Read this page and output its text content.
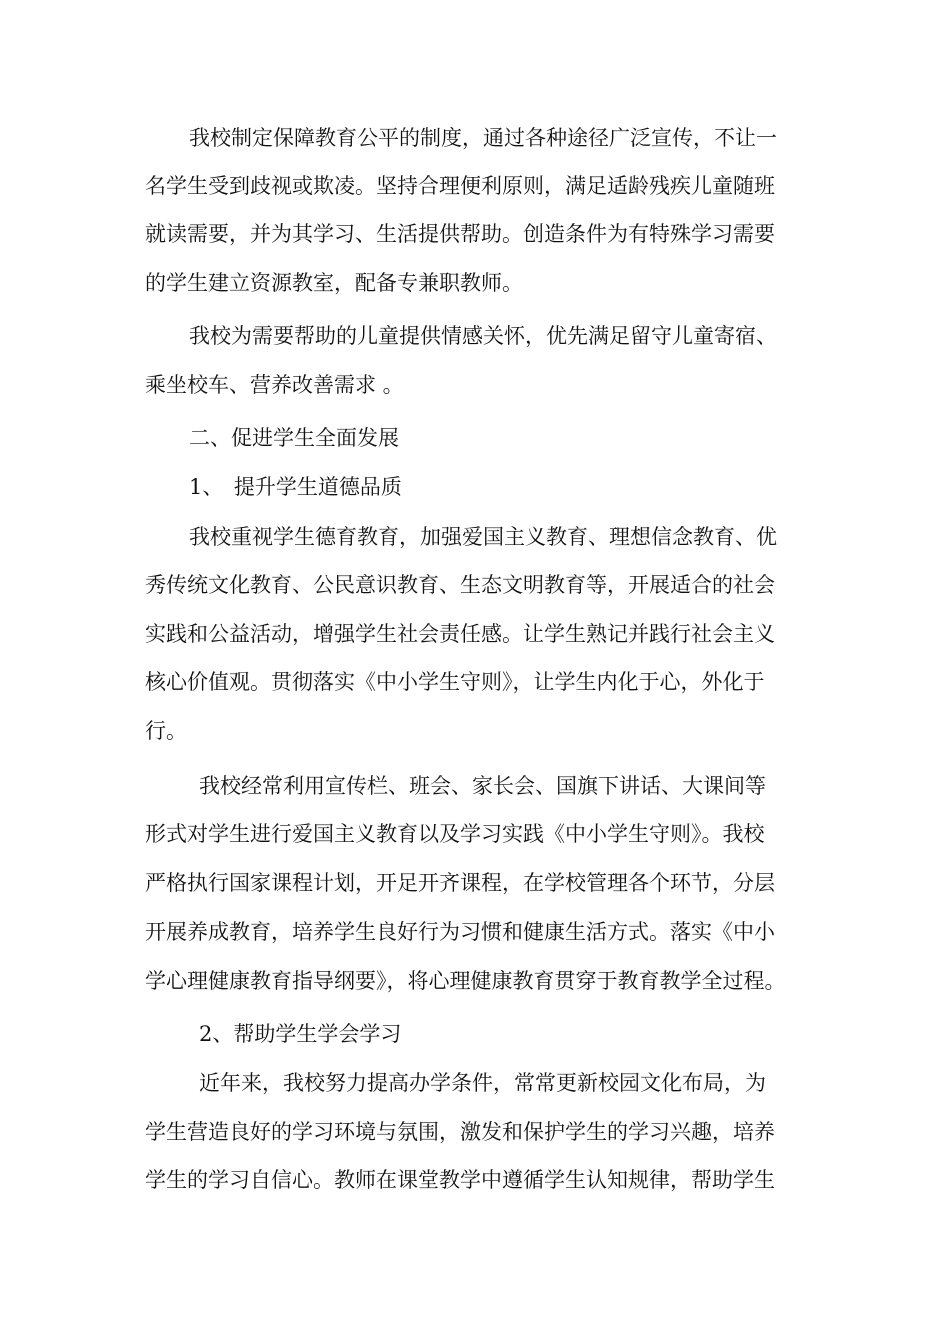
我校制定保障教育公平的制度，通过各种途径广泛宣传，不让一
名学生受到歧视或欺凌。坚持合理便利原则，满足适龄残疾儿童随班
就读需要，并为其学习、生活提供帮助。创造条件为有特殊学习需要
的学生建立资源教室，配备专兼职教师。
我校为需要帮助的儿童提供情感关怀，优先满足留守儿童寄宿、
乘坐校车、营养改善需求 。
二、促进学生全面发展
1、　提升学生道德品质
我校重视学生德育教育，加强爱国主义教育、理想信念教育、优
秀传统文化教育、公民意识教育、生态文明教育等，开展适合的社会
实践和公益活动，增强学生社会责任感。让学生熟记并践行社会主义
核心价值观。贯彻落实《中小学生守则》，让学生内化于心，外化于
行。
我校经常利用宣传栏、班会、家长会、国旗下讲话、大课间等
形式对学生进行爱国主义教育以及学习实践《中小学生守则》。我校
严格执行国家课程计划，开足开齐课程，在学校管理各个环节，分层
开展养成教育，培养学生良好行为习惯和健康生活方式。落实《中小
学心理健康教育指导纲要》，将心理健康教育贯穿于教育教学全过程。
2、帮助学生学会学习
近年来，我校努力提高办学条件，常常更新校园文化布局，为
学生营造良好的学习环境与氛围，激发和保护学生的学习兴趣，培养
学生的学习自信心。教师在课堂教学中遵循学生认知规律，帮助学生
